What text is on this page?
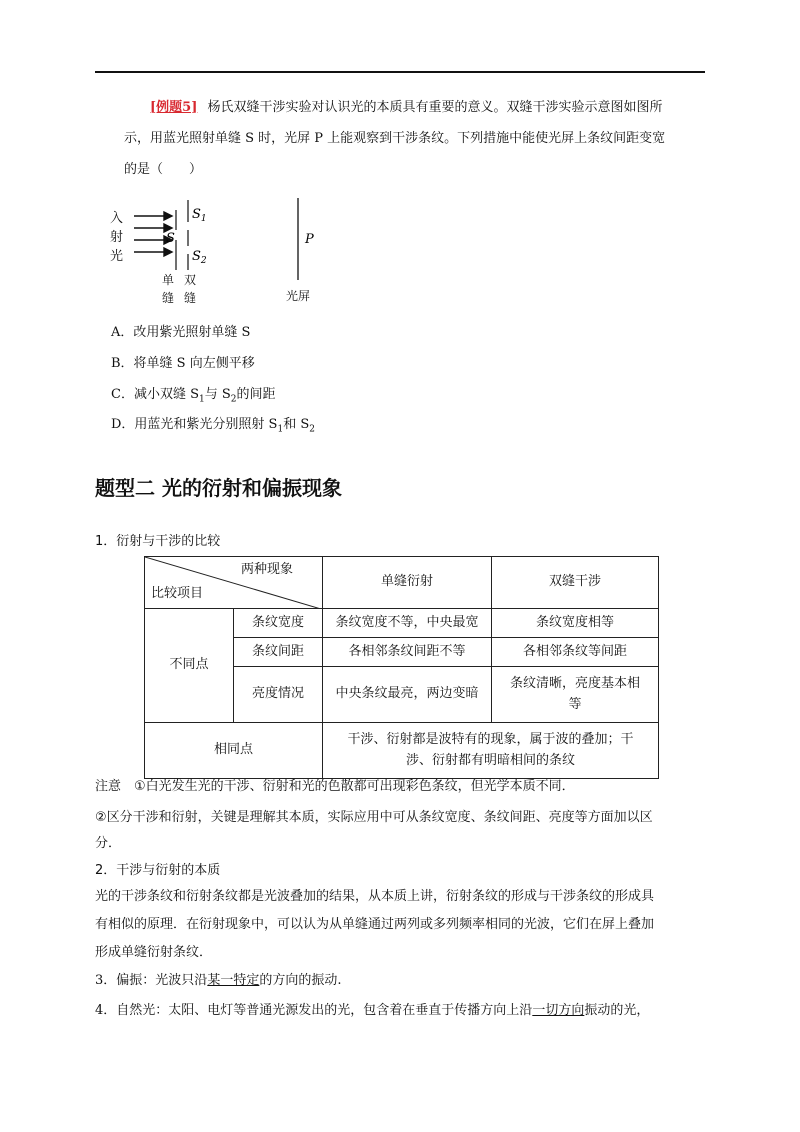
[例题5] 杨氏双缝干涉实验对认识光的本质具有重要的意义。双缝干涉实验示意图如图所
示，用蓝光照射单缝 S 时，光屏 P 上能观察到干涉条纹。下列措施中能使光屏上条纹间距变宽
的是（　　）
入
射
光
S
$S_1$
$S_2$
P
单
缝
双
缝	光屏
A．改用紫光照射单缝 S
B．将单缝 S 向左侧平移
C．减小双缝 $S_1$与 $S_2$的间距
D．用蓝光和紫光分别照射 $S_1$和 $S_2$
题型二 光的衍射和偏振现象
1．衍射与干涉的比较
两种现象
比较项目		单缝衍射	双缝干涉
不同点	条纹宽度	条纹宽度不等，中央最宽	条纹宽度相等
	条纹间距	各相邻条纹间距不等	各相邻条纹等间距
	亮度情况	中央条纹最亮，两边变暗	条纹清晰，亮度基本相
等
相同点		干涉、衍射都是波特有的现象，属于波的叠加；干
涉、衍射都有明暗相间的条纹	
注意　①白光发生光的干涉、衍射和光的色散都可出现彩色条纹，但光学本质不同．
②区分干涉和衍射，关键是理解其本质，实际应用中可从条纹宽度、条纹间距、亮度等方面加以区
分．
2．干涉与衍射的本质
光的干涉条纹和衍射条纹都是光波叠加的结果，从本质上讲，衍射条纹的形成与干涉条纹的形成具
有相似的原理．在衍射现象中，可以认为从单缝通过两列或多列频率相同的光波，它们在屏上叠加
形成单缝衍射条纹．
3．偏振：光波只沿某一特定的方向的振动.
4．自然光：太阳、电灯等普通光源发出的光，包含着在垂直于传播方向上沿一切方向振动的光，
